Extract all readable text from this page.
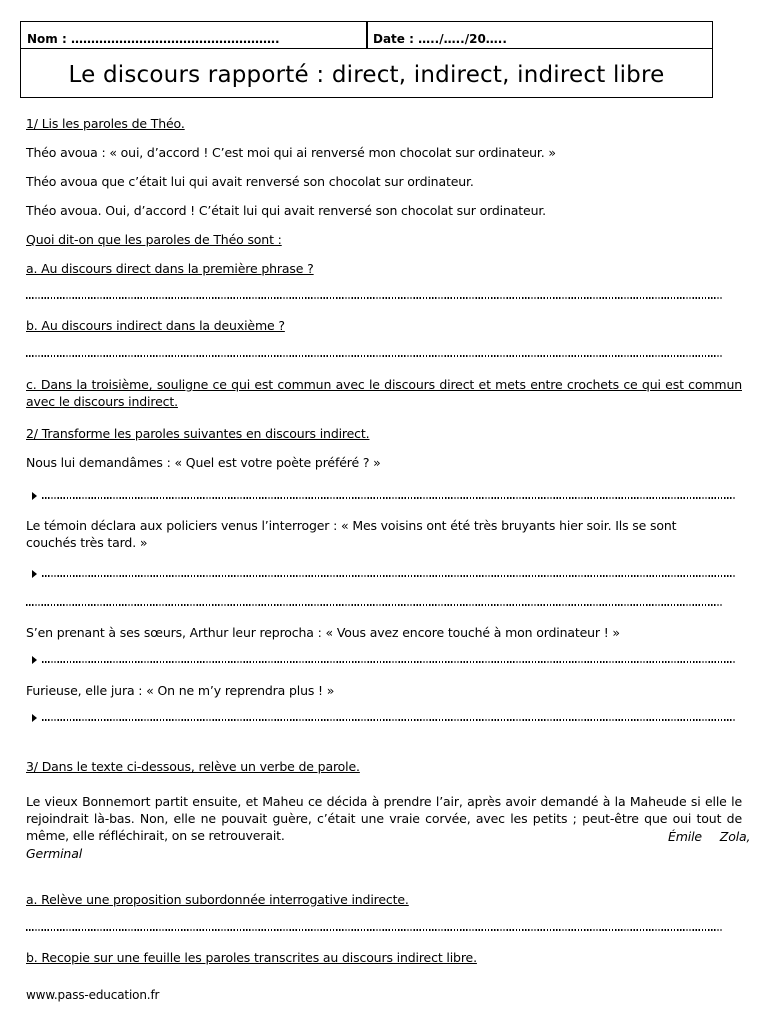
Nom : …………………………………………….	Date : …../…../20…..
Le discours rapporté : direct, indirect, indirect libre
1/ Lis les paroles de Théo.
Théo avoua : « oui, d’accord ! C’est moi qui ai renversé mon chocolat sur ordinateur. »
Théo avoua que c’était lui qui avait renversé son chocolat sur ordinateur.
Théo avoua. Oui, d’accord ! C’était lui qui avait renversé son chocolat sur ordinateur.
Quoi dit-on que les paroles de Théo sont :
a. Au discours direct dans la première phrase ?
b. Au discours indirect dans la deuxième ?
c. Dans la troisième, souligne ce qui est commun avec le discours direct et mets entre crochets ce qui est commun avec le discours indirect.
2/ Transforme les paroles suivantes en discours indirect.
Nous lui demandâmes : « Quel est votre poète préféré ? »
Le témoin déclara aux policiers venus l’interroger : « Mes voisins ont été très bruyants hier soir. Ils se sont couchés très tard. »
S’en prenant à ses sœurs, Arthur leur reprocha : « Vous avez encore touché à mon ordinateur ! »
Furieuse, elle jura : « On ne m’y reprendra plus ! »
3/ Dans le texte ci-dessous, relève un verbe de parole.
Le vieux Bonnemort partit ensuite, et Maheu ce décida à prendre l’air, après avoir demandé à la Maheude si elle le rejoindrait là-bas. Non, elle ne pouvait guère, c’était une vraie corvée, avec les petits ; peut-être que oui tout de même, elle réfléchirait, on se retrouverait.	Émile Zola,
Germinal
a. Relève une proposition subordonnée interrogative indirecte.
b. Recopie sur une feuille les paroles transcrites au discours indirect libre.
www.pass-education.fr
